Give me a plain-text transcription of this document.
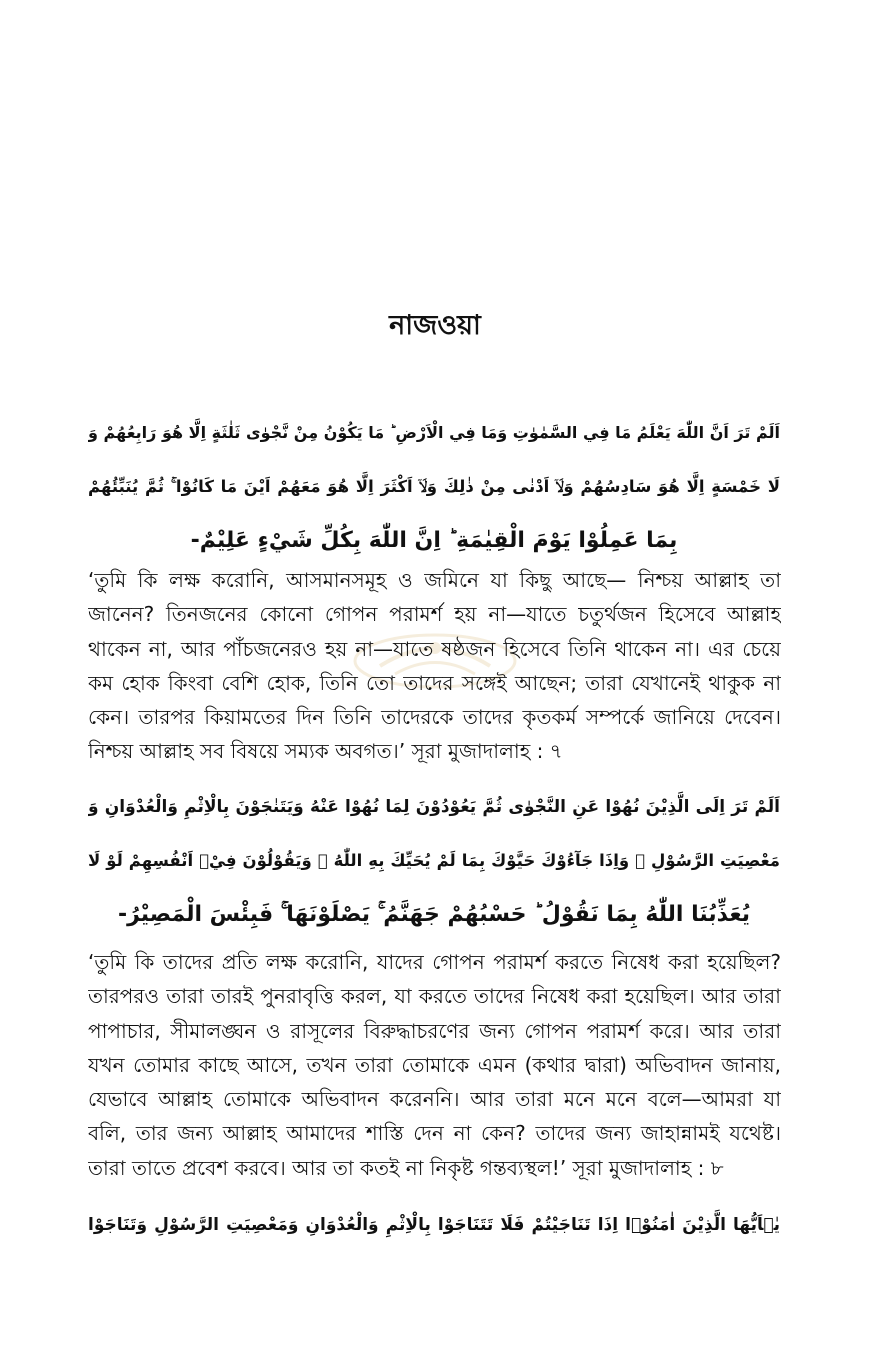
নাজওয়া
اَلَمْ تَرَ اَنَّ اللّٰهَ يَعْلَمُ مَا فِي السَّمٰوٰتِ وَمَا فِي الْاَرْضِ ؕ مَا يَكُوْنُ مِنْ نَّجْوٰى ثَلٰثَةٍ اِلَّا هُوَ رَابِعُهُمْ وَ
لَا خَمْسَةٍ اِلَّا هُوَ سَادِسُهُمْ وَلَاۤ اَدْنٰى مِنْ ذٰلِكَ وَلَاۤ اَكْثَرَ اِلَّا هُوَ مَعَهُمْ اَيْنَ مَا كَانُوْا ۚ ثُمَّ يُنَبِّئُهُمْ
بِمَا عَمِلُوْا يَوْمَ الْقِيٰمَةِ ؕ اِنَّ اللّٰهَ بِكُلِّ شَيْءٍ عَلِيْمٌ-
‘তুমি কি লক্ষ করোনি, আসমানসমূহ ও জমিনে যা কিছু আছে— নিশ্চয় আল্লাহ তা
জানেন? তিনজনের কোনো গোপন পরামর্শ হয় না—যাতে চতুর্থজন হিসেবে আল্লাহ
থাকেন না, আর পাঁচজনেরও হয় না—যাতে ষষ্ঠজন হিসেবে তিনি থাকেন না। এর চেয়ে
কম হোক কিংবা বেশি হোক, তিনি তো তাদের সঙ্গেই আছেন; তারা যেখানেই থাকুক না
কেন। তারপর কিয়ামতের দিন তিনি তাদেরকে তাদের কৃতকর্ম সম্পর্কে জানিয়ে দেবেন।
নিশ্চয় আল্লাহ সব বিষয়ে সম্যক অবগত।’ সূরা মুজাদালাহ : ৭
اَلَمْ تَرَ اِلَى الَّذِيْنَ نُهُوْا عَنِ النَّجْوٰى ثُمَّ يَعُوْدُوْنَ لِمَا نُهُوْا عَنْهُ وَيَتَنٰجَوْنَ بِالْاِثْمِ وَالْعُدْوَانِ وَ
مَعْصِيَتِ الرَّسُوْلِ ۫ وَاِذَا جَآءُوْكَ حَيَّوْكَ بِمَا لَمْ يُحَيِّكَ بِهِ اللّٰهُ ۙ وَيَقُوْلُوْنَ فِيْۤ اَنْفُسِهِمْ لَوْ لَا
يُعَذِّبُنَا اللّٰهُ بِمَا نَقُوْلُ ؕ حَسْبُهُمْ جَهَنَّمُ ۚ يَصْلَوْنَهَا ۚ فَبِئْسَ الْمَصِيْرُ-
‘তুমি কি তাদের প্রতি লক্ষ করোনি, যাদের গোপন পরামর্শ করতে নিষেধ করা হয়েছিল?
তারপরও তারা তারই পুনরাবৃত্তি করল, যা করতে তাদের নিষেধ করা হয়েছিল। আর তারা
পাপাচার, সীমালঙ্ঘন ও রাসূলের বিরুদ্ধাচরণের জন্য গোপন পরামর্শ করে। আর তারা
যখন তোমার কাছে আসে, তখন তারা তোমাকে এমন (কথার দ্বারা) অভিবাদন জানায়,
যেভাবে আল্লাহ তোমাকে অভিবাদন করেননি। আর তারা মনে মনে বলে—আমরা যা
বলি, তার জন্য আল্লাহ আমাদের শাস্তি দেন না কেন? তাদের জন্য জাহান্নামই যথেষ্ট।
তারা তাতে প্রবেশ করবে। আর তা কতই না নিকৃষ্ট গন্তব্যস্থল!’ সূরা মুজাদালাহ : ৮
يٰۤاَيُّهَا الَّذِيْنَ اٰمَنُوْۤا اِذَا تَنَاجَيْتُمْ فَلَا تَتَنَاجَوْا بِالْاِثْمِ وَالْعُدْوَانِ وَمَعْصِيَتِ الرَّسُوْلِ وَتَنَاجَوْا
